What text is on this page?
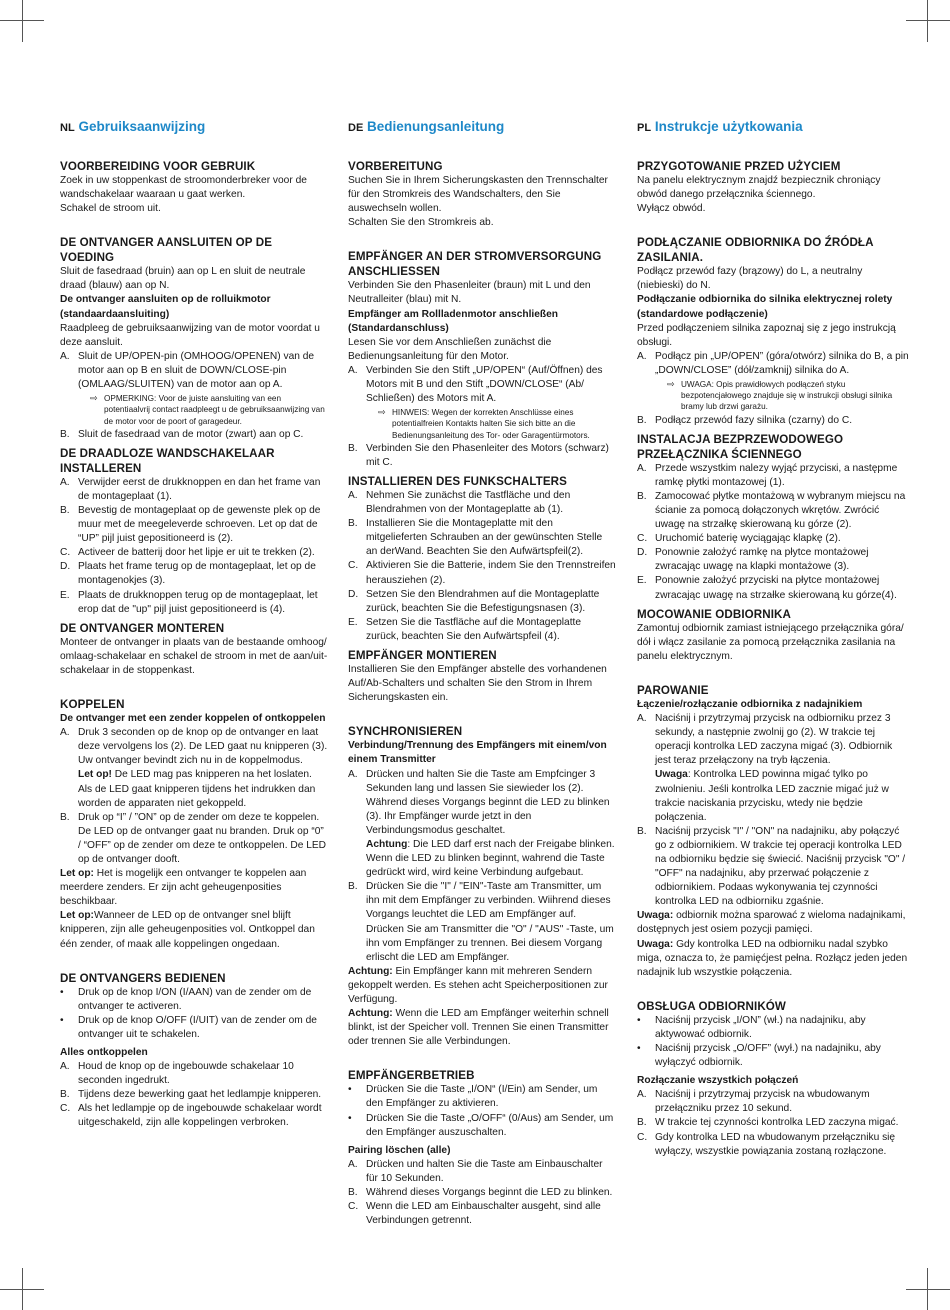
NL Gebruiksaanwijzing
VOORBEREIDING VOOR GEBRUIK

Zoek in uw stoppenkast de stroomonderbreker voor de wandschakelaar waaraan u gaat werken.

Schakel de stroom uit.

DE ONTVANGER AANSLUITEN OP DE VOEDING

Sluit de fasedraad (bruin) aan op L en sluit de neutrale draad (blauw) aan op N.

De ontvanger aansluiten op de rolluikmotor (standaardaansluiting)

Raadpleeg de gebruiksaanwijzing van de motor voordat u deze aansluit.

A. Sluit de UP/OPEN-pin (OMHOOG/OPENEN) van de motor aan op B en sluit de DOWN/CLOSE-pin (OMLAAG/SLUITEN) van de motor aan op A.
⇨ OPMERKING: Voor de juiste aansluiting van een potentiaalvrij contact raadpleegt u de gebruiksaanwijzing van de motor voor de poort of garagedeur.
B. Sluit de fasedraad van de motor (zwart) aan op C.
DE DRAADLOZE WANDSCHAKELAAR INSTALLEREN
A. Verwijder eerst de drukknoppen en dan het frame van de montageplaat (1).
B. Bevestig de montageplaat op de gewenste plek op de muur met de meegeleverde schroeven. Let op dat de “UP” pijl juist gepositioneerd is (2).
C. Activeer de batterij door het lipje er uit te trekken (2).
D. Plaats het frame terug op de montageplaat, let op de montagenokjes (3).
E. Plaats de drukknoppen terug op de montageplaat, let erop dat de "up" pijl juist gepositioneerd is (4).
DE ONTVANGER MONTEREN

Monteer de ontvanger in plaats van de bestaande omhoog/ omlaag-schakelaar en schakel de stroom in met de aan/uit-schakelaar in de stoppenkast.

KOPPELEN

De ontvanger met een zender koppelen of ontkoppelen

A. Druk 3 seconden op de knop op de ontvanger en laat deze vervolgens los (2). De LED gaat nu knipperen (3). Uw ontvanger bevindt zich nu in de koppelmodus.
Let op! De LED mag pas knipperen na het loslaten. Als de LED gaat knipperen tijdens het indrukken dan worden de apparaten niet gekoppeld.
B. Druk op “I” / ”ON” op de zender om deze te koppelen. De LED op de ontvanger gaat nu branden. Druk op “0” / “OFF” op de zender om deze te ontkoppelen. De LED op de ontvanger dooft.

Let op: Het is mogelijk een ontvanger te koppelen aan meerdere zenders. Er zijn acht geheugenposities beschikbaar.

Let op:Wanneer de LED op de ontvanger snel blijft knipperen, zijn alle geheugenposities vol. Ontkoppel dan één zender, of maak alle koppelingen ongedaan.

DE ONTVANGERS BEDIENEN
• Druk op de knop I/ON (I/AAN) van de zender om de ontvanger te activeren.
• Druk op de knop O/OFF (I/UIT) van de zender om de ontvanger uit te schakelen.

Alles ontkoppelen

A. Houd de knop op de ingebouwde schakelaar 10 seconden ingedrukt.
B. Tijdens deze bewerking gaat het ledlampje knipperen.
C. Als het ledlampje op de ingebouwde schakelaar wordt uitgeschakeld, zijn alle koppelingen verbroken.
DE Bedienungsanleitung
VORBEREITUNG

Suchen Sie in Ihrem Sicherungskasten den Trennschalter für den Stromkreis des Wandschalters, den Sie auswechseln wollen.

Schalten Sie den Stromkreis ab.

EMPFÄNGER AN DER STROMVERSORGUNG ANSCHLIESSEN

Verbinden Sie den Phasenleiter (braun) mit L und den Neutralleiter (blau) mit N.

Empfänger am Rollladenmotor anschließen (Standardanschluss)

Lesen Sie vor dem Anschließen zunächst die Bedienungsanleitung für den Motor.

A. Verbinden Sie den Stift „UP/OPEN“ (Auf/Öffnen) des Motors mit B und den Stift „DOWN/CLOSE“ (Ab/ Schließen) des Motors mit A.
⇨ HINWEIS: Wegen der korrekten Anschlüsse eines potentialfreien Kontakts halten Sie sich bitte an die Bedienungsanleitung des Tor- oder Garagentürmotors.
B. Verbinden Sie den Phasenleiter des Motors (schwarz) mit C.
INSTALLIEREN DES FUNKSCHALTERS
A. Nehmen Sie zunächst die Tastfläche und den Blendrahmen von der Montageplatte ab (1).
B. Installieren Sie die Montageplatte mit den mitgelieferten Schrauben an der gewünschten Stelle an derWand. Beachten Sie den Aufwärtspfeil(2).
C. Aktivieren Sie die Batterie, indem Sie den Trennstreifen herausziehen (2).
D. Setzen Sie den Blendrahmen auf die Montageplatte zurück, beachten Sie die Befestigungsnasen (3).
E. Setzen Sie die Tastfläche auf die Montageplatte zurück, beachten Sie den Aufwärtspfeil (4).
EMPFÄNGER MONTIEREN

Installieren Sie den Empfänger abstelle des vorhandenen Auf/Ab-Schalters und schalten Sie den Strom in Ihrem Sicherungskasten ein.

SYNCHRONISIEREN

Verbindung/Trennung des Empfängers mit einem/von einem Transmitter

A. Drücken und halten Sie die Taste am Empfcinger 3 Sekunden lang und lassen Sie siewieder los (2). Während dieses Vorgangs beginnt die LED zu blinken (3). Ihr Empfänger wurde jetzt in den Verbindungsmodus geschaltet.
Achtung: Die LED darf erst nach der Freigabe blinken. Wenn die LED zu blinken beginnt, wahrend die Taste gedrückt wird, wird keine Verbindung aufgebaut.
B. Drücken Sie die "I" / "EIN"-Taste am Transmitter, um ihn mit dem Empfänger zu verbinden. Wiihrend dieses Vorgangs leuchtet die LED am Empfänger auf. Drücken Sie am Transmitter die "O" / "AUS" -Taste, um ihn vom Empfänger zu trennen. Bei diesem Vorgang erlischt die LED am Empfänger.

Achtung: Ein Empfänger kann mit mehreren Sendern gekoppelt werden. Es stehen acht Speicherpositionen zur Verfügung.

Achtung: Wenn die LED am Empfänger weiterhin schnell blinkt, ist der Speicher voll. Trennen Sie einen Transmitter oder trennen Sie alle Verbindungen.

EMPFÄNGERBETRIEB
• Drücken Sie die Taste „I/ON“ (I/Ein) am Sender, um den Empfänger zu aktivieren.
• Drücken Sie die Taste „O/OFF“ (0/Aus) am Sender, um den Empfänger auszuschalten.

Pairing löschen (alle)

A. Drücken und halten Sie die Taste am Einbauschalter für 10 Sekunden.
B. Während dieses Vorgangs beginnt die LED zu blinken.
C. Wenn die LED am Einbauschalter ausgeht, sind alle Verbindungen getrennt.
PL Instrukcje użytkowania
PRZYGOTOWANIE PRZED UŻYCIEM

Na panelu elektrycznym znajdź bezpiecznik chroniący obwód danego przełącznika ściennego.

Wyłącz obwód.

PODŁĄCZANIE ODBIORNIKA DO ŹRÓDŁA ZASILANIA.

Podłącz przewód fazy (brązowy) do L, a neutralny (niebieski) do N.

Podłączanie odbiornika do silnika elektrycznej rolety (standardowe podłączenie)

Przed podłączeniem silnika zapoznaj się z jego instrukcją obsługi.

A. Podłącz pin „UP/OPEN” (góra/otwórz) silnika do B, a pin „DOWN/CLOSE” (dół/zamknij) silnika do A.
⇨ UWAGA: Opis prawidłowych podłączeń styku bezpotencjałowego znajduje się w instrukcji obsługi silnika bramy lub drzwi garażu.
B. Podłącz przewód fazy silnika (czarny) do C.
INSTALACJA BEZPRZEWODOWEGO PRZEŁĄCZNIKA ŚCIENNEGO
A. Przede wszystkim nalezy wyjąć przycisкi, a następme ramkę płytki montazowej (1).
B. Zamocować płytke montażową w wybranym miejscu na ścianie za pomocą dołączonych wkrętów. Zwrócić uwagę na strzałkę skierowaną ku górze (2).
C. Uruchomić baterię wyciągając klapkę (2).
D. Ponownie założyć ramkę na płytce montażowej zwracając uwagę na klapki montażowe (3).
E. Ponownie założyć przyciski na płytce montażowej zwracając uwagę na strzałke skierowaną ku górze(4).
MOCOWANIE ODBIORNIKA

Zamontuj odbiornik zamiast istniejącego przełącznika góra/ dół i włącz zasilanie za pomocą przełącznika zasilania na panelu elektrycznym.

PAROWANIE

Łączenie/rozłączanie odbiornika z nadajnikiem

A. Naciśnij i przytrzymaj przycisk na odbiorniku przez 3 sekundy, a następnie zwolnij go (2). W trakcie tej operacji kontrolka LED zaczyna migać (3). Odbiornik jest teraz przełączony na tryb łączenia.
Uwaga: Kontrolka LED powinna migać tylko po zwolnieniu. Jeśli kontrolka LED zacznie migać już w trakcie naciskania przycisku, wtedy nie będzie połączenia.
B. Naciśnij przycisk "I" / "ON" na nadajniku, aby połączyć go z odbiornikiem. W trakcie tej operacji kontrolka LED na odbiorniku będzie się świecić. Naciśnij przycisk "O" / "OFF" na nadajniku, aby przerwać połączenie z odbiornikiem. Podaas wykonywania tej czynności kontrolka LED na odbiorniku zgaśnie.

Uwaga: odbiornik można sparować z wieloma nadajnikami, dostępnych jest osiem pozycji pamięci.

Uwaga: Gdy kontrolka LED na odbiorniku nadal szybko miga, oznacza to, że pamięćjest pełna. Rozłącz jeden jeden nadajnik lub wszystkie połączenia.

OBSŁUGA ODBIORNIKÓW
• Naciśnij przycisk „I/ON” (wł.) na nadajniku, aby aktywować odbiornik.
• Naciśnij przycisk „O/OFF” (wył.) na nadajniku, aby wyłączyć odbiornik.

Rozłączanie wszystkich połączeń

A. Naciśnij i przytrzymaj przycisk na wbudowanym przełączniku przez 10 sekund.
B. W trakcie tej czynności kontrolka LED zaczyna migać.
C. Gdy kontrolka LED na wbudowanym przełączniku się wyłączy, wszystkie powiązania zostaną rozłączone.
